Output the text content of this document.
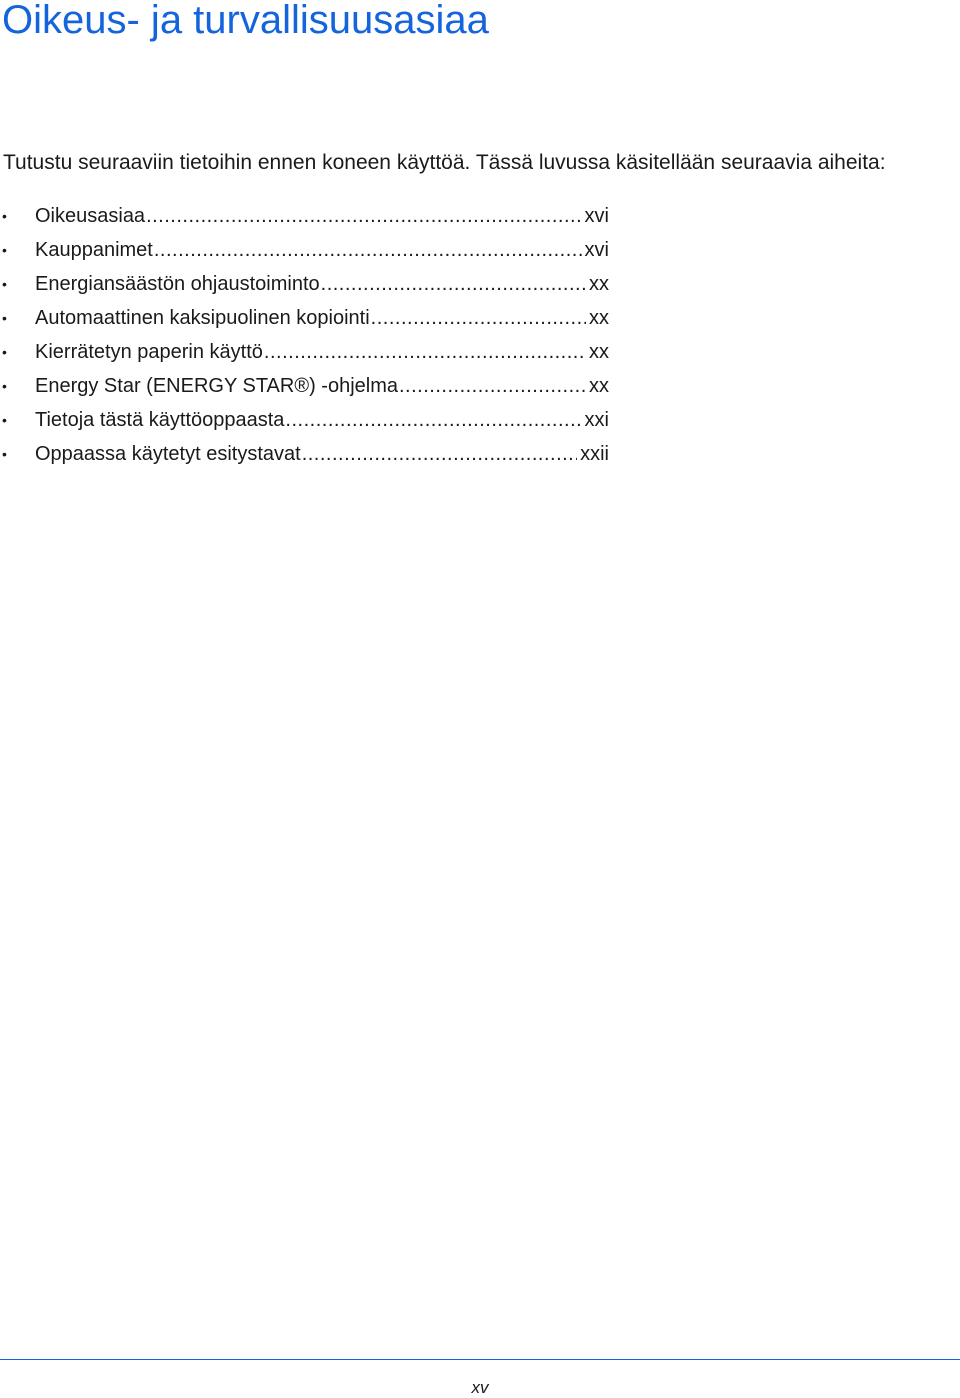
Oikeus- ja turvallisuusasiaa

Tutustu seuraaviin tietoihin ennen koneen käyttöä. Tässä luvussa käsitellään seuraavia aiheita:

• Oikeusasiaa .....	xvi
• Kauppanimet .....	xvi
• Energiansäästön ohjaustoiminto .....	xx
• Automaattinen kaksipuolinen kopiointi .....	xx
• Kierrätetyn paperin käyttö .....	xx
• Energy Star (ENERGY STAR®) -ohjelma .....	xx
• Tietoja tästä käyttöoppaasta .....	xxi
• Oppaassa käytetyt esitystavat .....	xxii
xv
